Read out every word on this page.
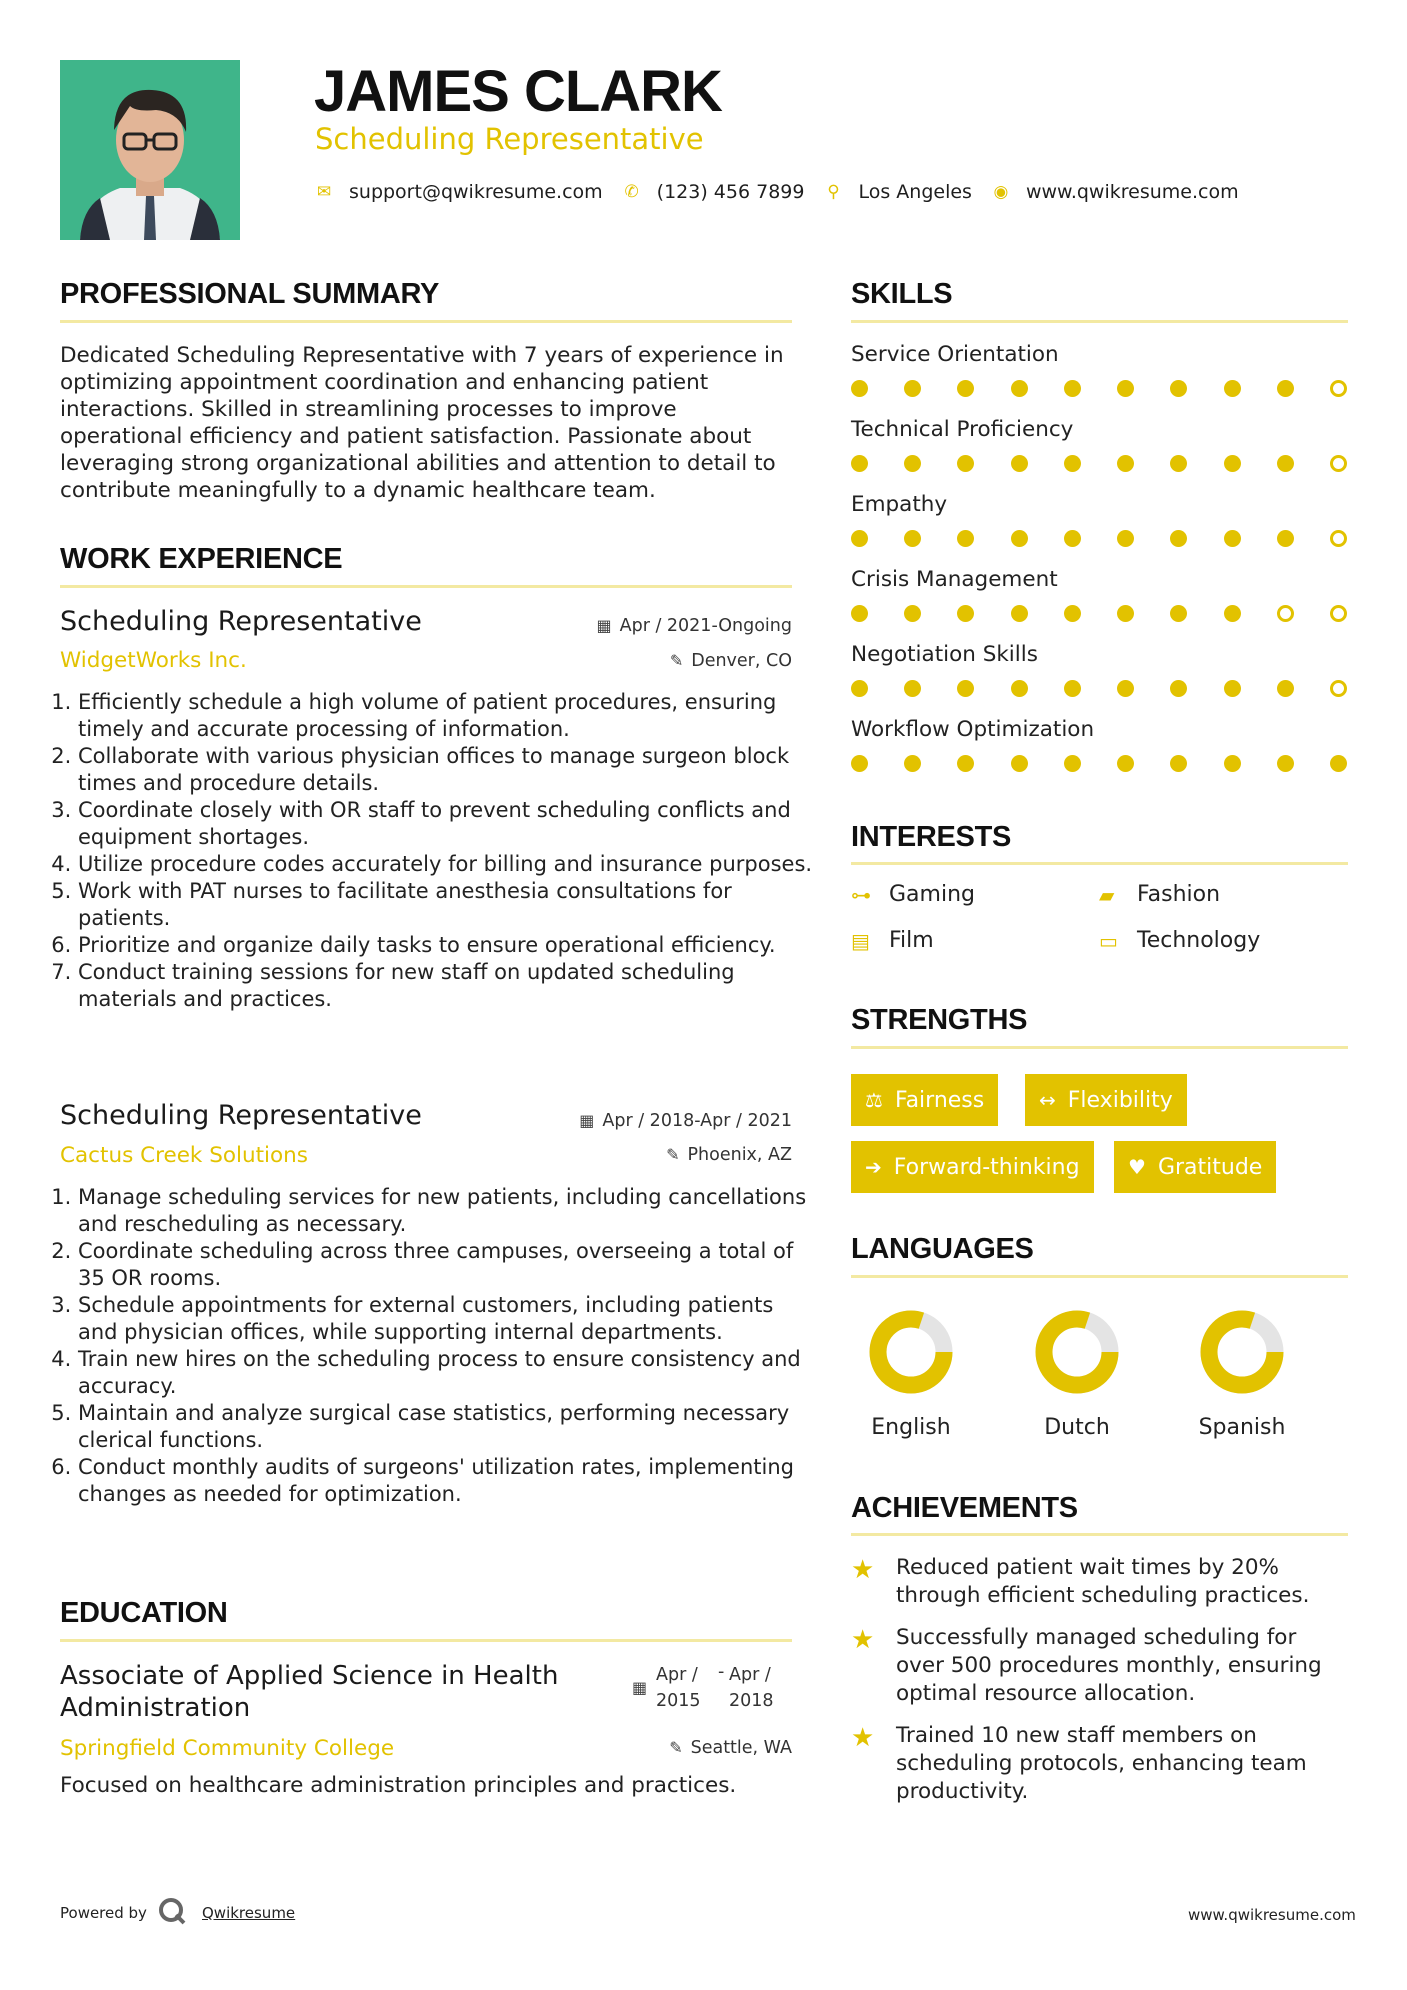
JAMES CLARK
Scheduling Representative
✉ support@qwikresume.com ✆ (123) 456 7899 ⚲ Los Angeles ◉ www.qwikresume.com
PROFESSIONAL SUMMARY
Dedicated Scheduling Representative with 7 years of experience in optimizing appointment coordination and enhancing patient interactions. Skilled in streamlining processes to improve operational efficiency and patient satisfaction. Passionate about leveraging strong organizational abilities and attention to detail to contribute meaningfully to a dynamic healthcare team.
WORK EXPERIENCE
Scheduling Representative	▦ Apr / 2021-Ongoing
WidgetWorks Inc.	✎ Denver, CO
1. Efficiently schedule a high volume of patient procedures, ensuring timely and accurate processing of information.
2. Collaborate with various physician offices to manage surgeon block times and procedure details.
3. Coordinate closely with OR staff to prevent scheduling conflicts and equipment shortages.
4. Utilize procedure codes accurately for billing and insurance purposes.
5. Work with PAT nurses to facilitate anesthesia consultations for patients.
6. Prioritize and organize daily tasks to ensure operational efficiency.
7. Conduct training sessions for new staff on updated scheduling materials and practices.
Scheduling Representative	▦ Apr / 2018-Apr / 2021
Cactus Creek Solutions	✎ Phoenix, AZ
1. Manage scheduling services for new patients, including cancellations and rescheduling as necessary.
2. Coordinate scheduling across three campuses, overseeing a total of 35 OR rooms.
3. Schedule appointments for external customers, including patients and physician offices, while supporting internal departments.
4. Train new hires on the scheduling process to ensure consistency and accuracy.
5. Maintain and analyze surgical case statistics, performing necessary clerical functions.
6. Conduct monthly audits of surgeons' utilization rates, implementing changes as needed for optimization.
EDUCATION
Associate of Applied Science in Health Administration
▦
Apr / 2015
- Apr / 2018
Springfield Community College	✎ Seattle, WA
Focused on healthcare administration principles and practices.
SKILLS
Service Orientation
Technical Proficiency
Empathy
Crisis Management
Negotiation Skills
Workflow Optimization
INTERESTS
⊶ Gaming	▰	Fashion
▤ Film	▭ Technology
STRENGTHS
⚖ Fairness	↔ Flexibility
➔ Forward-thinking ♥ Gratitude
LANGUAGES
English	Dutch	Spanish
ACHIEVEMENTS
★ Reduced patient wait times by 20% through efficient scheduling practices.
★ Successfully managed scheduling for over 500 procedures monthly, ensuring optimal resource allocation.
★ Trained 10 new staff members on scheduling protocols, enhancing team productivity.
Powered by	Qwikresume	www.qwikresume.com
